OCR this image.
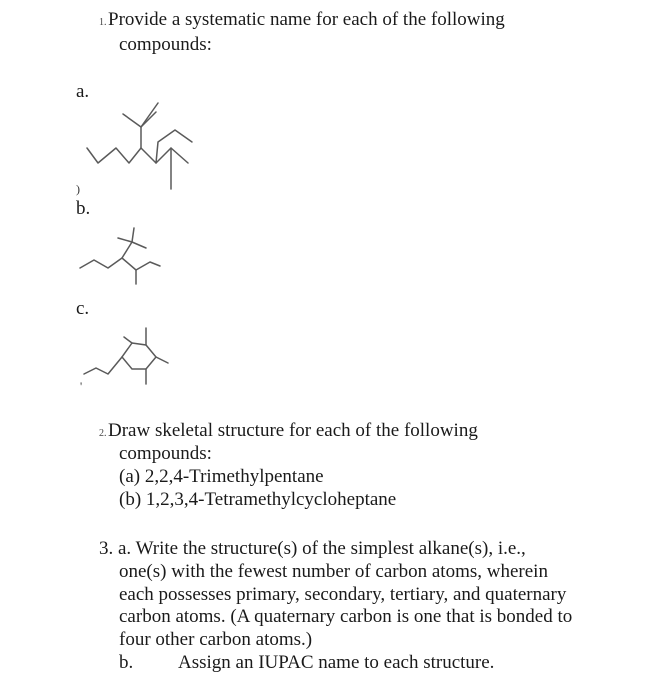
1. Provide a systematic name for each of the following
compounds:
a.
)
b.
c.
'
2. Draw skeletal structure for each of the following
compounds:
(a) 2,2,4-Trimethylpentane
(b) 1,2,3,4-Tetramethylcycloheptane
3. a. Write the structure(s) of the simplest alkane(s), i.e.,
one(s) with the fewest number of carbon atoms, wherein
each possesses primary, secondary, tertiary, and quaternary
carbon atoms. (A quaternary carbon is one that is bonded to
four other carbon atoms.)
b. Assign an IUPAC name to each structure.
